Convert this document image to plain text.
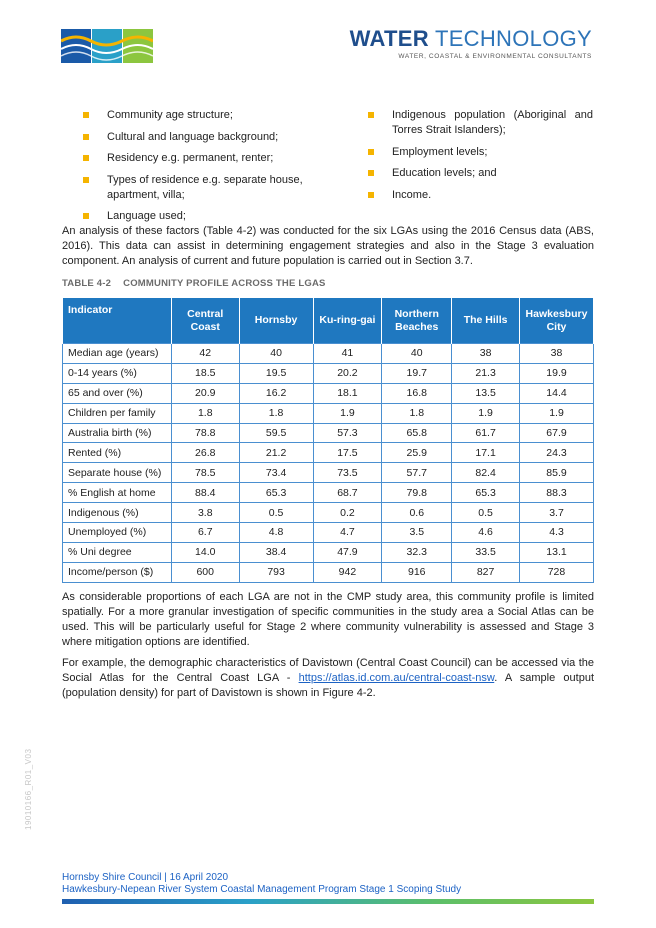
WATER TECHNOLOGY
WATER, COASTAL & ENVIRONMENTAL CONSULTANTS
Community age structure;
Cultural and language background;
Residency e.g. permanent, renter;
Types of residence e.g. separate house, apartment, villa;
Language used;
Indigenous population (Aboriginal and Torres Strait Islanders);
Employment levels;
Education levels; and
Income.

An analysis of these factors (Table 4-2) was conducted for the six LGAs using the 2016 Census data (ABS, 2016). This data can assist in determining engagement strategies and also in the Stage 3 evaluation component. An analysis of current and future population is carried out in Section 3.7.

TABLE 4-2 COMMUNITY PROFILE ACROSS THE LGAS
Indicator	Central Coast	Hornsby	Ku-ring-gai	Northern Beaches	The Hills	Hawkesbury City
Median age (years)	42	40	41	40	38	38
0-14 years (%)	18.5	19.5	20.2	19.7	21.3	19.9
65 and over (%)	20.9	16.2	18.1	16.8	13.5	14.4
Children per family	1.8	1.8	1.9	1.8	1.9	1.9
Australia birth (%)	78.8	59.5	57.3	65.8	61.7	67.9
Rented (%)	26.8	21.2	17.5	25.9	17.1	24.3
Separate house (%)	78.5	73.4	73.5	57.7	82.4	85.9
% English at home	88.4	65.3	68.7	79.8	65.3	88.3
Indigenous (%)	3.8	0.5	0.2	0.6	0.5	3.7
Unemployed (%)	6.7	4.8	4.7	3.5	4.6	4.3
% Uni degree	14.0	38.4	47.9	32.3	33.5	13.1
Income/person ($)	600	793	942	916	827	728

As considerable proportions of each LGA are not in the CMP study area, this community profile is limited spatially. For a more granular investigation of specific communities in the study area a Social Atlas can be used. This will be particularly useful for Stage 2 where community vulnerability is assessed and Stage 3 where mitigation options are identified.

For example, the demographic characteristics of Davistown (Central Coast Council) can be accessed via the Social Atlas for the Central Coast LGA - https://atlas.id.com.au/central-coast-nsw. A sample output (population density) for part of Davistown is shown in Figure 4-2.

19010166_R01_V03
Hornsby Shire Council | 16 April 2020
Hawkesbury-Nepean River System Coastal Management Program Stage 1 Scoping Study
